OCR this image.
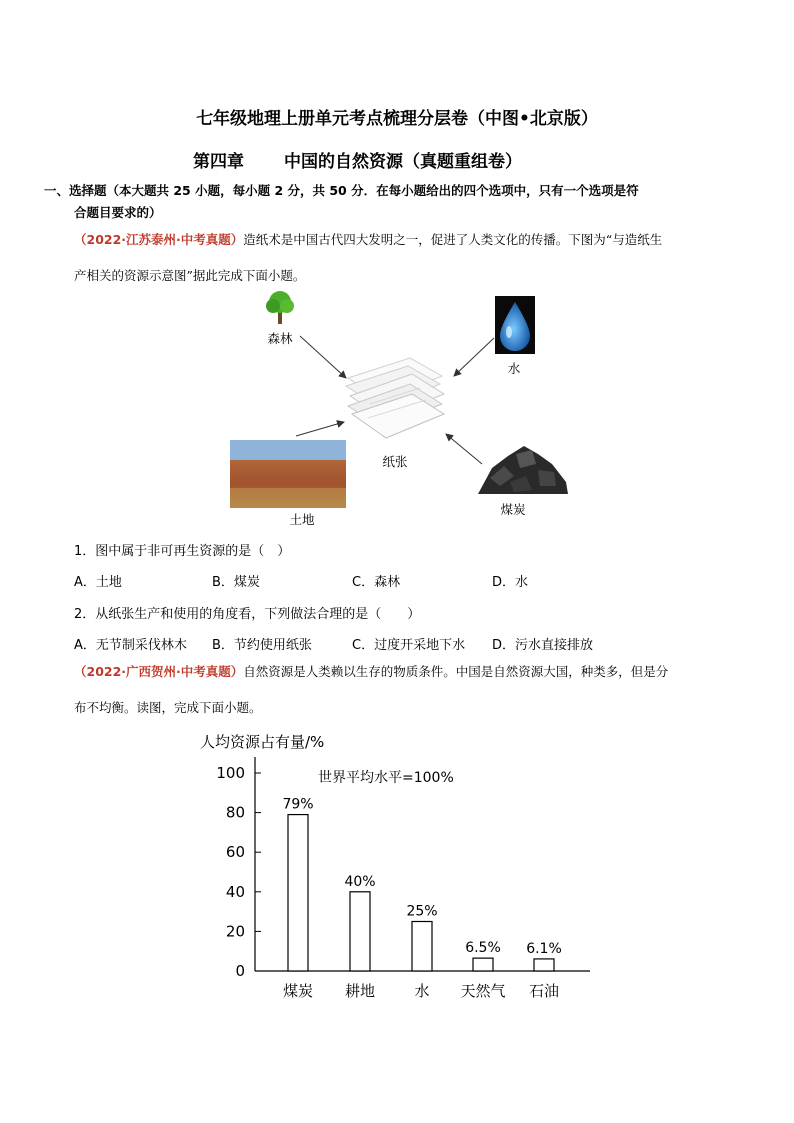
七年级地理上册单元考点梳理分层卷（中图•北京版）
第四章 中国的自然资源（真题重组卷）
一、选择题（本大题共 25 小题，每小题 2 分，共 50 分．在每小题给出的四个选项中，只有一个选项是符
合题目要求的）
（2022·江苏泰州·中考真题）造纸术是中国古代四大发明之一，促进了人类文化的传播。下图为“与造纸生
产相关的资源示意图”据此完成下面小题。
森林
水
纸张
土地
煤炭
1．图中属于非可再生资源的是（　）
A．土地	B．煤炭	C．森林	D．水
2．从纸张生产和使用的角度看，下列做法合理的是（　　）
A．无节制采伐林木 B．节约使用纸张	C．过度开采地下水 D．污水直接排放
（2022·广西贺州·中考真题）自然资源是人类赖以生存的物质条件。中国是自然资源大国，种类多，但是分
布不均衡。读图，完成下面小题。
人均资源占有量/%
世界平均水平=100%
0
20
40
60
80
100
79%
煤炭
40%
耕地
25%
水
6.5%
天然气
6.1%
石油
